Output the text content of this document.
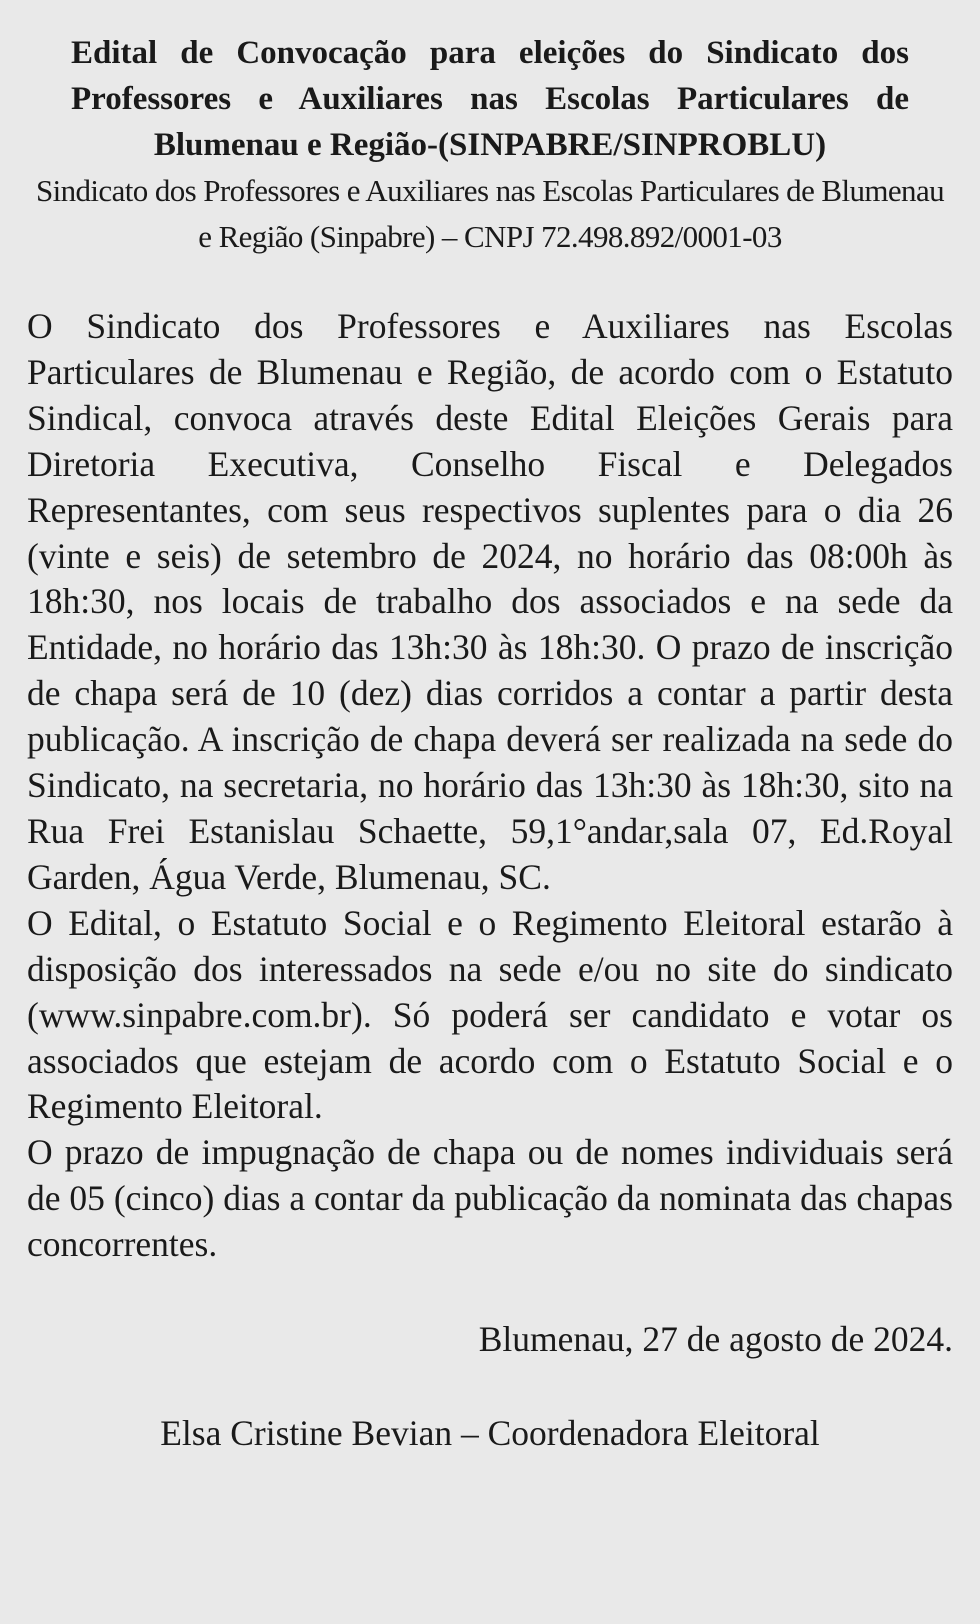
Edital de Convocação para eleições do Sindicato dos Professores e Auxiliares nas Escolas Particulares de Blumenau e Região-(SINPABRE/SINPROBLU)

Sindicato dos Professores e Auxiliares nas Escolas Particulares de Blumenau e Região (Sinpabre) – CNPJ 72.498.892/0001-03

O Sindicato dos Professores e Auxiliares nas Escolas Particulares de Blumenau e Região, de acordo com o Estatuto Sindical, convoca através deste Edital Eleições Gerais para Diretoria Executiva, Conselho Fiscal e Delegados Representantes, com seus respectivos suplentes para o dia 26 (vinte e seis) de setembro de 2024, no horário das 08:00h às 18h:30, nos locais de trabalho dos associados e na sede da Entidade, no horário das 13h:30 às 18h:30. O prazo de inscrição de chapa será de 10 (dez) dias corridos a contar a partir desta publicação. A inscrição de chapa deverá ser realizada na sede do Sindicato, na secretaria, no horário das 13h:30 às 18h:30, sito na Rua Frei Estanislau Schaette, 59,1°andar,sala 07, Ed.Royal Garden, Água Verde, Blumenau, SC.

O Edital, o Estatuto Social e o Regimento Eleitoral estarão à disposição dos interessados na sede e/ou no site do sindicato (www.sinpabre.com.br). Só poderá ser candidato e votar os associados que estejam de acordo com o Estatuto Social e o Regimento Eleitoral.

O prazo de impugnação de chapa ou de nomes individuais será de 05 (cinco) dias a contar da publicação da nominata das chapas concorrentes.

Blumenau, 27 de agosto de 2024.

Elsa Cristine Bevian – Coordenadora Eleitoral
